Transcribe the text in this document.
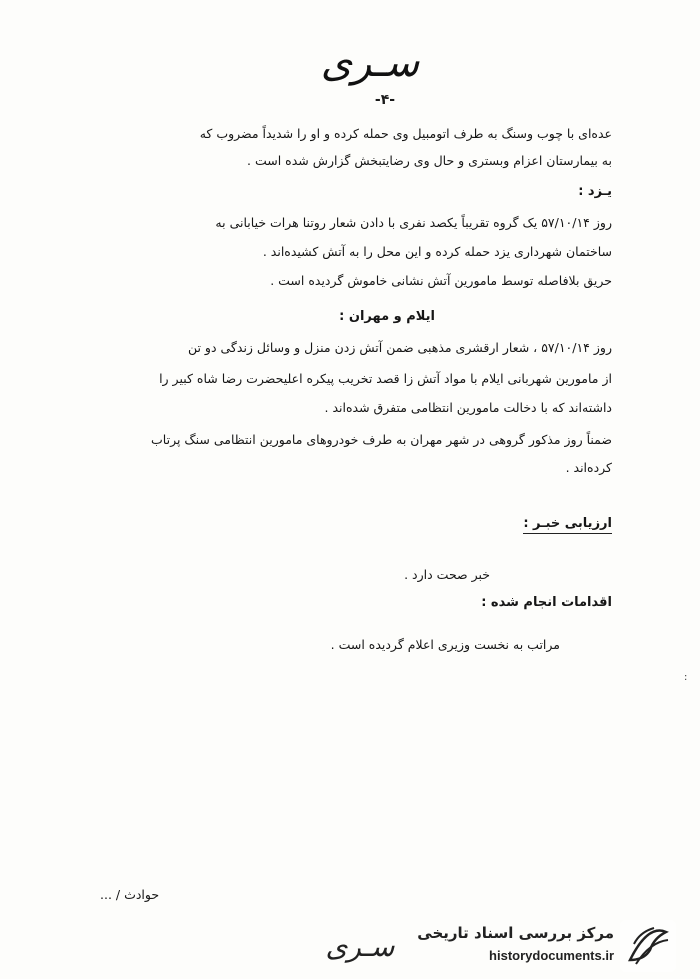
سـری
-۴-
عده‌ای با چوب وسنگ به طرف اتومبیل وی حمله کرده و او را شدیداً مضروب که
به بیمارستان اعزام وبستری و حال وی رضایتبخش گزارش شده است .
یـزد :
روز ۵۷/۱۰/۱۴ یک گروه تقریباً یکصد نفری با دادن شعار روتنا هرات خیابانی به
ساختمان شهرداری یزد حمله کرده و این محل را به آتش کشیده‌اند .
حریق بلافاصله توسط مامورین آتش نشانی خاموش گردیده است .
ایلام و مهران :
روز ۵۷/۱۰/۱۴ ، شعار ارقشری مذهبی ضمن آتش زدن منزل و وسائل زندگی دو تن
از مامورین شهربانی ایلام با مواد آتش زا قصد تخریب پیکره اعلیحضرت رضا شاه کبیر را
داشته‌اند که با دخالت مامورین انتظامی متفرق شده‌اند .
ضمناً روز مذکور گروهی در شهر مهران به طرف خودروهای مامورین انتظامی سنگ پرتاب
کرده‌اند .
ارزیابی خبـر :
خبر صحت دارد .
اقدامات انجام شده :
مراتب به نخست وزیری اعلام گردیده است .
:
حوادث / ...
سـری	مرکز بررسی اسناد تاریخی
historydocuments.ir
